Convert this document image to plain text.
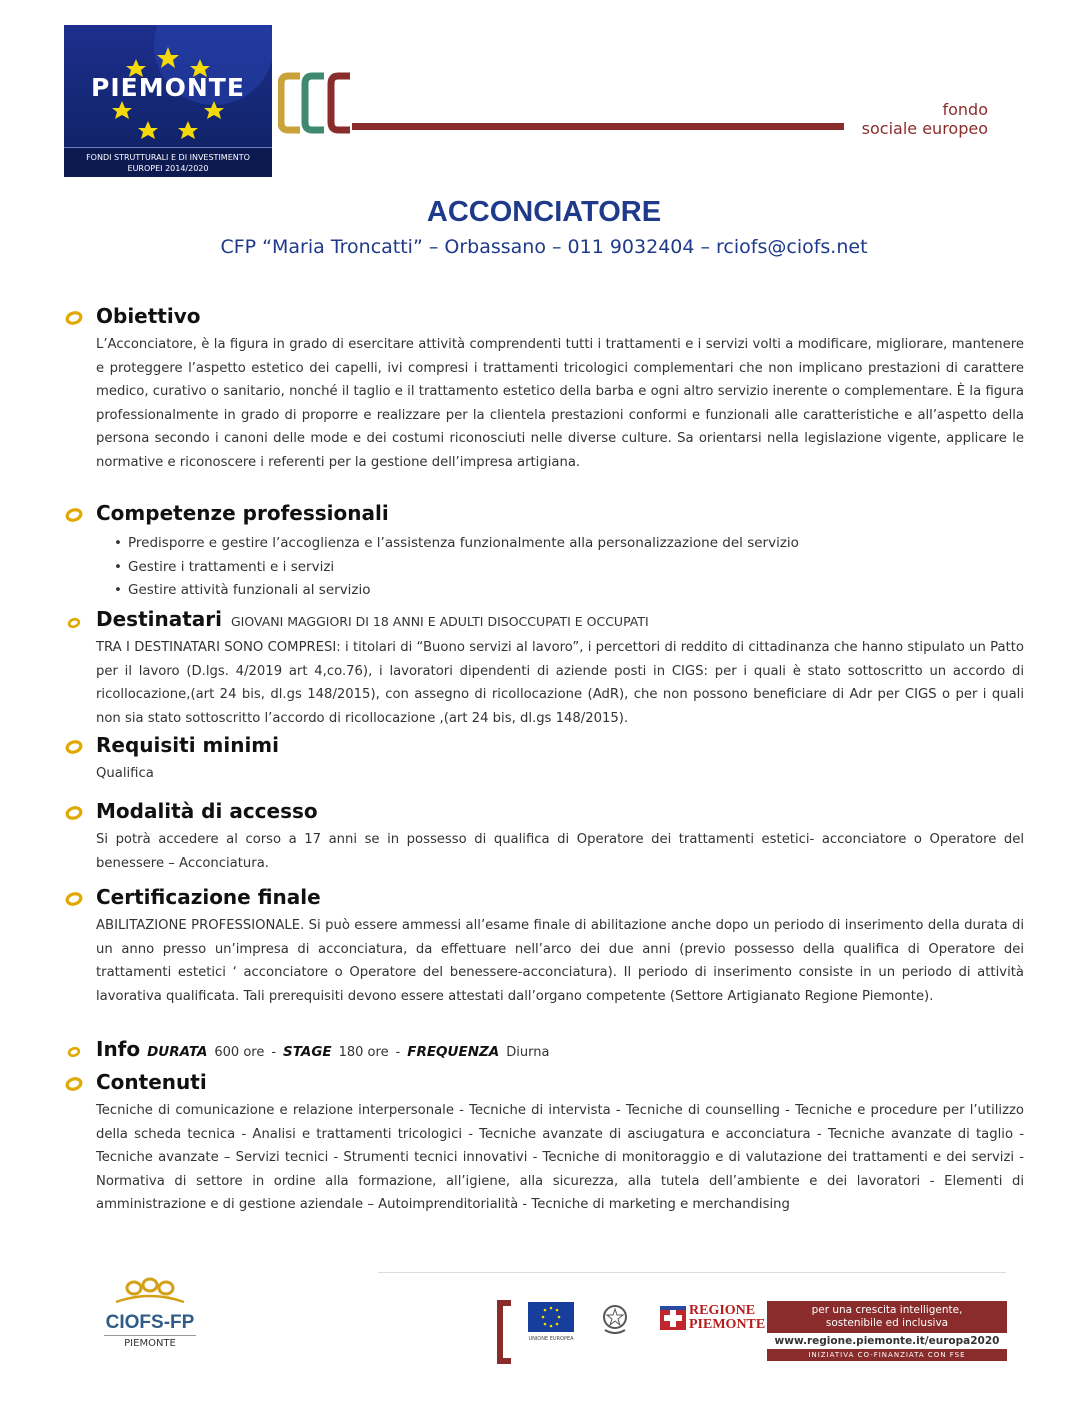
PIEMONTE
FONDI STRUTTURALI E DI INVESTIMENTO
EUROPEI 2014/2020
fondo
sociale europeo
ACCONCIATORE
CFP “Maria Troncatti” – Orbassano – 011 9032404 – rciofs@ciofs.net
Obiettivo

L’Acconciatore, è la figura in grado di esercitare attività comprendenti tutti i trattamenti e i servizi volti a modificare, migliorare, mantenere e proteggere l’aspetto estetico dei capelli, ivi compresi i trattamenti tricologici complementari che non implicano prestazioni di carattere medico, curativo o sanitario, nonché il taglio e il trattamento estetico della barba e ogni altro servizio inerente o complementare. È la figura professionalmente in grado di proporre e realizzare per la clientela prestazioni conformi e funzionali alle caratteristiche e all’aspetto della persona secondo i canoni delle mode e dei costumi riconosciuti nelle diverse culture. Sa orientarsi nella legislazione vigente, applicare le normative e riconoscere i referenti per la gestione dell’impresa artigiana.

Competenze professionali
• Predisporre e gestire l’accoglienza e l’assistenza funzionalmente alla personalizzazione del servizio
• Gestire i trattamenti e i servizi
• Gestire attività funzionali al servizio
Destinatari GIOVANI MAGGIORI DI 18 ANNI E ADULTI DISOCCUPATI E OCCUPATI

TRA I DESTINATARI SONO COMPRESI: i titolari di “Buono servizi al lavoro”, i percettori di reddito di cittadinanza che hanno stipulato un Patto per il lavoro (D.lgs. 4/2019 art 4,co.76), i lavoratori dipendenti di aziende posti in CIGS: per i quali è stato sottoscritto un accordo di ricollocazione,(art 24 bis, dl.gs 148/2015), con assegno di ricollocazione (AdR), che non possono beneficiare di Adr per CIGS o per i quali non sia stato sottoscritto l’accordo di ricollocazione ,(art 24 bis, dl.gs 148/2015).

Requisiti minimi

Qualifica

Modalità di accesso

Si potrà accedere al corso a 17 anni se in possesso di qualifica di Operatore dei trattamenti estetici- acconciatore o Operatore del benessere – Acconciatura.

Certificazione finale

ABILITAZIONE PROFESSIONALE. Si può essere ammessi all’esame finale di abilitazione anche dopo un periodo di inserimento della durata di un anno presso un’impresa di acconciatura, da effettuare nell’arco dei due anni (previo possesso della qualifica di Operatore dei trattamenti estetici ‘ acconciatore o Operatore del benessere-acconciatura). Il periodo di inserimento consiste in un periodo di attività lavorativa qualificata. Tali prerequisiti devono essere attestati dall’organo competente (Settore Artigianato Regione Piemonte).

Info DURATA 600 ore - STAGE 180 ore - FREQUENZA Diurna
Contenuti

Tecniche di comunicazione e relazione interpersonale - Tecniche di intervista - Tecniche di counselling - Tecniche e procedure per l’utilizzo della scheda tecnica - Analisi e trattamenti tricologici - Tecniche avanzate di asciugatura e acconciatura - Tecniche avanzate di taglio - Tecniche avanzate – Servizi tecnici - Strumenti tecnici innovativi - Tecniche di monitoraggio e di valutazione dei trattamenti e dei servizi - Normativa di settore in ordine alla formazione, all’igiene, alla sicurezza, alla tutela dell’ambiente e dei lavoratori - Elementi di amministrazione e di gestione aziendale – Autoimprenditorialità - Tecniche di marketing e merchandising

CIOFS-FP
PIEMONTE	UNIONE EUROPEA
REGIONE
PIEMONTE
per una crescita intelligente,
sostenibile ed inclusiva
www.regione.piemonte.it/europa2020
INIZIATIVA CO-FINANZIATA CON FSE
